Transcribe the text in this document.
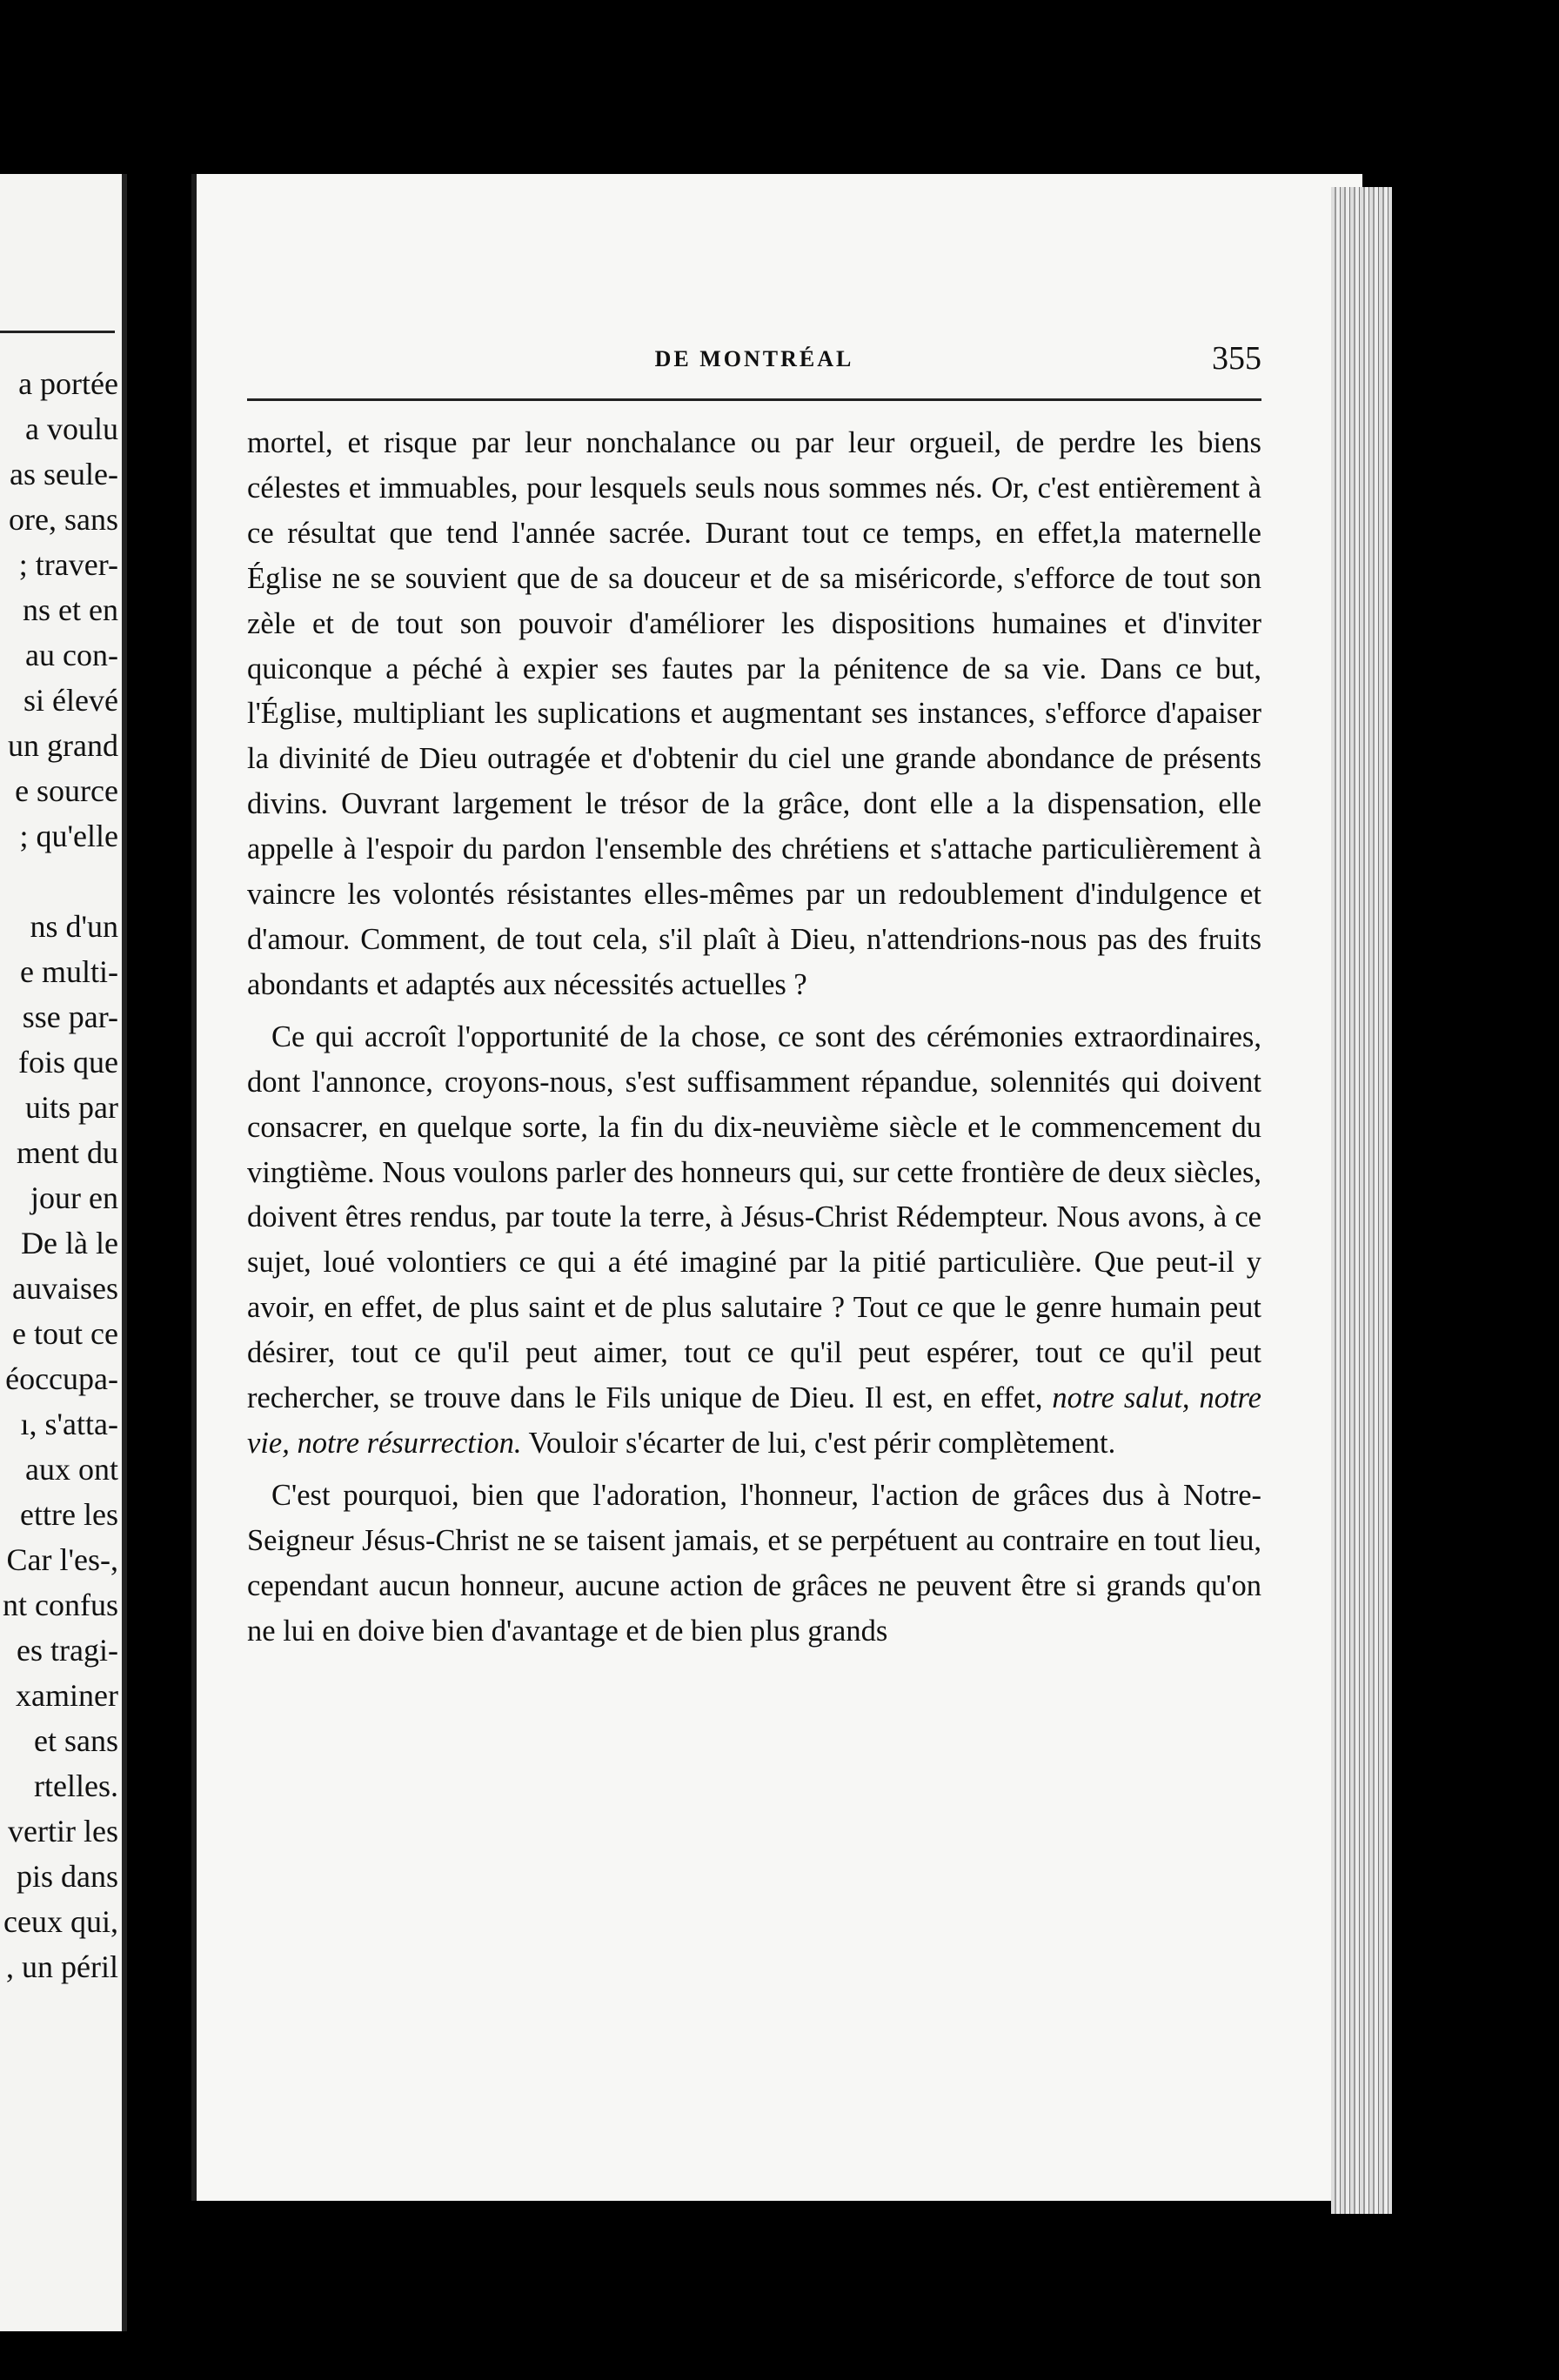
a portée
a voulu
as seule-
ore, sans
; traver-
ns et en
au con-
si élevé
un grand
e source
; qu'elle
ns d'un
e multi-
sse par-
fois que
uits par
ment du
jour en
De là le
auvaises
e tout ce
éoccupa-
ı, s'atta-
aux ont
ettre les
Car l'es-,
nt confus
es tragi-
xaminer
et sans
rtelles.
vertir les
pis dans
ceux qui,
, un péril
DE MONTRÉAL	355

mortel, et risque par leur nonchalance ou par leur orgueil, de perdre les biens célestes et immuables, pour lesquels seuls nous sommes nés. Or, c'est entièrement à ce résultat que tend l'année sacrée. Durant tout ce temps, en effet,la maternelle Église ne se souvient que de sa douceur et de sa miséricorde, s'efforce de tout son zèle et de tout son pouvoir d'améliorer les dispositions humaines et d'inviter quiconque a péché à expier ses fautes par la pénitence de sa vie. Dans ce but, l'Église, multipliant les suplications et augmentant ses instances, s'efforce d'apaiser la divinité de Dieu outragée et d'obtenir du ciel une grande abondance de présents divins. Ouvrant largement le trésor de la grâce, dont elle a la dispensation, elle appelle à l'espoir du pardon l'ensemble des chrétiens et s'attache particulièrement à vaincre les volontés résistantes elles-mêmes par un redoublement d'indulgence et d'amour. Comment, de tout cela, s'il plaît à Dieu, n'attendrions-nous pas des fruits abondants et adaptés aux nécessités actuelles ?

Ce qui accroît l'opportunité de la chose, ce sont des cérémonies extraordinaires, dont l'annonce, croyons-nous, s'est suffisamment répandue, solennités qui doivent consacrer, en quelque sorte, la fin du dix-neuvième siècle et le commencement du vingtième. Nous voulons parler des honneurs qui, sur cette frontière de deux siècles, doivent êtres rendus, par toute la terre, à Jésus-Christ Rédempteur. Nous avons, à ce sujet, loué volontiers ce qui a été imaginé par la pitié particulière. Que peut-il y avoir, en effet, de plus saint et de plus salutaire ? Tout ce que le genre humain peut désirer, tout ce qu'il peut aimer, tout ce qu'il peut espérer, tout ce qu'il peut rechercher, se trouve dans le Fils unique de Dieu. Il est, en effet, notre salut, notre vie, notre résurrection. Vouloir s'écarter de lui, c'est périr complètement.

C'est pourquoi, bien que l'adoration, l'honneur, l'action de grâces dus à Notre-Seigneur Jésus-Christ ne se taisent jamais, et se perpétuent au contraire en tout lieu, cependant aucun honneur, aucune action de grâces ne peuvent être si grands qu'on ne lui en doive bien d'avantage et de bien plus grands
